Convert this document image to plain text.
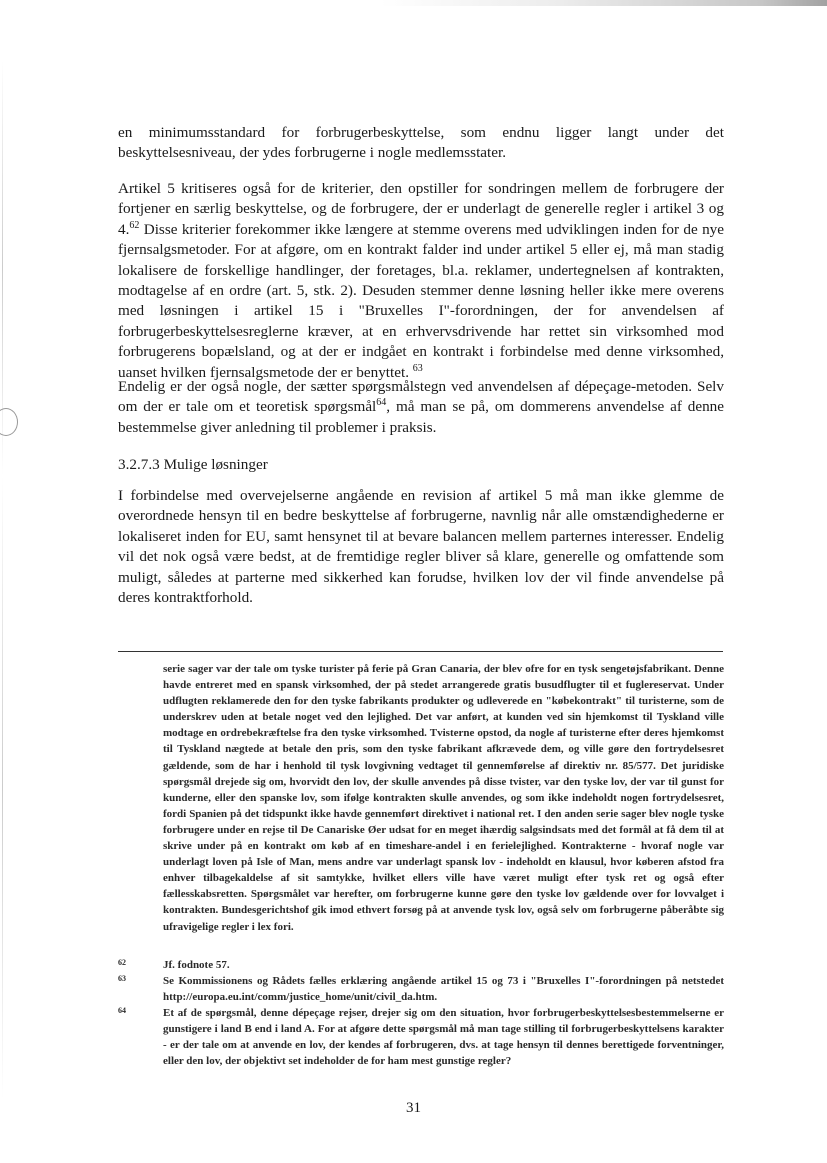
en minimumsstandard for forbrugerbeskyttelse, som endnu ligger langt under det beskyttelsesniveau, der ydes forbrugerne i nogle medlemsstater.

Artikel 5 kritiseres også for de kriterier, den opstiller for sondringen mellem de forbrugere der fortjener en særlig beskyttelse, og de forbrugere, der er underlagt de generelle regler i artikel 3 og 4.62 Disse kriterier forekommer ikke længere at stemme overens med udviklingen inden for de nye fjernsalgsmetoder. For at afgøre, om en kontrakt falder ind under artikel 5 eller ej, må man stadig lokalisere de forskellige handlinger, der foretages, bl.a. reklamer, undertegnelsen af kontrakten, modtagelse af en ordre (art. 5, stk. 2). Desuden stemmer denne løsning heller ikke mere overens med løsningen i artikel 15 i "Bruxelles I"-forordningen, der for anvendelsen af forbrugerbeskyttelsesreglerne kræver, at en erhvervsdrivende har rettet sin virksomhed mod forbrugerens bopælsland, og at der er indgået en kontrakt i forbindelse med denne virksomhed, uanset hvilken fjernsalgsmetode der er benyttet. $^{63}$

Endelig er der også nogle, der sætter spørgsmålstegn ved anvendelsen af dépeçage-metoden. Selv om der er tale om et teoretisk spørgsmål$^{64}$, må man se på, om dommerens anvendelse af denne bestemmelse giver anledning til problemer i praksis.

3.2.7.3 Mulige løsninger

I forbindelse med overvejelserne angående en revision af artikel 5 må man ikke glemme de overordnede hensyn til en bedre beskyttelse af forbrugerne, navnlig når alle omstændighederne er lokaliseret inden for EU, samt hensynet til at bevare balancen mellem parternes interesser. Endelig vil det nok også være bedst, at de fremtidige regler bliver så klare, generelle og omfattende som muligt, således at parterne med sikkerhed kan forudse, hvilken lov der vil finde anvendelse på deres kontraktforhold.

serie sager var der tale om tyske turister på ferie på Gran Canaria, der blev ofre for en tysk sengetøjsfabrikant. Denne havde entreret med en spansk virksomhed, der på stedet arrangerede gratis busudflugter til et fuglereservat. Under udflugten reklamerede den for den tyske fabrikants produkter og udleverede en "købekontrakt" til turisterne, som de underskrev uden at betale noget ved den lejlighed. Det var anført, at kunden ved sin hjemkomst til Tyskland ville modtage en ordrebekræftelse fra den tyske virksomhed. Tvisterne opstod, da nogle af turisterne efter deres hjemkomst til Tyskland nægtede at betale den pris, som den tyske fabrikant afkrævede dem, og ville gøre den fortrydelsesret gældende, som de har i henhold til tysk lovgivning vedtaget til gennemførelse af direktiv nr. 85/577. Det juridiske spørgsmål drejede sig om, hvorvidt den lov, der skulle anvendes på disse tvister, var den tyske lov, der var til gunst for kunderne, eller den spanske lov, som ifølge kontrakten skulle anvendes, og som ikke indeholdt nogen fortrydelsesret, fordi Spanien på det tidspunkt ikke havde gennemført direktivet i national ret. I den anden serie sager blev nogle tyske forbrugere under en rejse til De Canariske Øer udsat for en meget ihærdig salgsindsats med det formål at få dem til at skrive under på en kontrakt om køb af en timeshare-andel i en ferielejlighed. Kontrakterne - hvoraf nogle var underlagt loven på Isle of Man, mens andre var underlagt spansk lov - indeholdt en klausul, hvor køberen afstod fra enhver tilbagekaldelse af sit samtykke, hvilket ellers ville have været muligt efter tysk ret og også efter fællesskabsretten. Spørgsmålet var herefter, om forbrugerne kunne gøre den tyske lov gældende over for lovvalget i kontrakten. Bundesgerichtshof gik imod ethvert forsøg på at anvende tysk lov, også selv om forbrugerne påberåbte sig ufravigelige regler i lex fori.
62	Jf. fodnote 57.
63	Se Kommissionens og Rådets fælles erklæring angående artikel 15 og 73 i "Bruxelles I"-forordningen på netstedet http://europa.eu.int/comm/justice_home/unit/civil_da.htm.
64	Et af de spørgsmål, denne dépeçage rejser, drejer sig om den situation, hvor forbrugerbeskyttelsesbestemmelserne er gunstigere i land B end i land A. For at afgøre dette spørgsmål må man tage stilling til forbrugerbeskyttelsens karakter - er der tale om at anvende en lov, der kendes af forbrugeren, dvs. at tage hensyn til dennes berettigede forventninger, eller den lov, der objektivt set indeholder de for ham mest gunstige regler?
31
